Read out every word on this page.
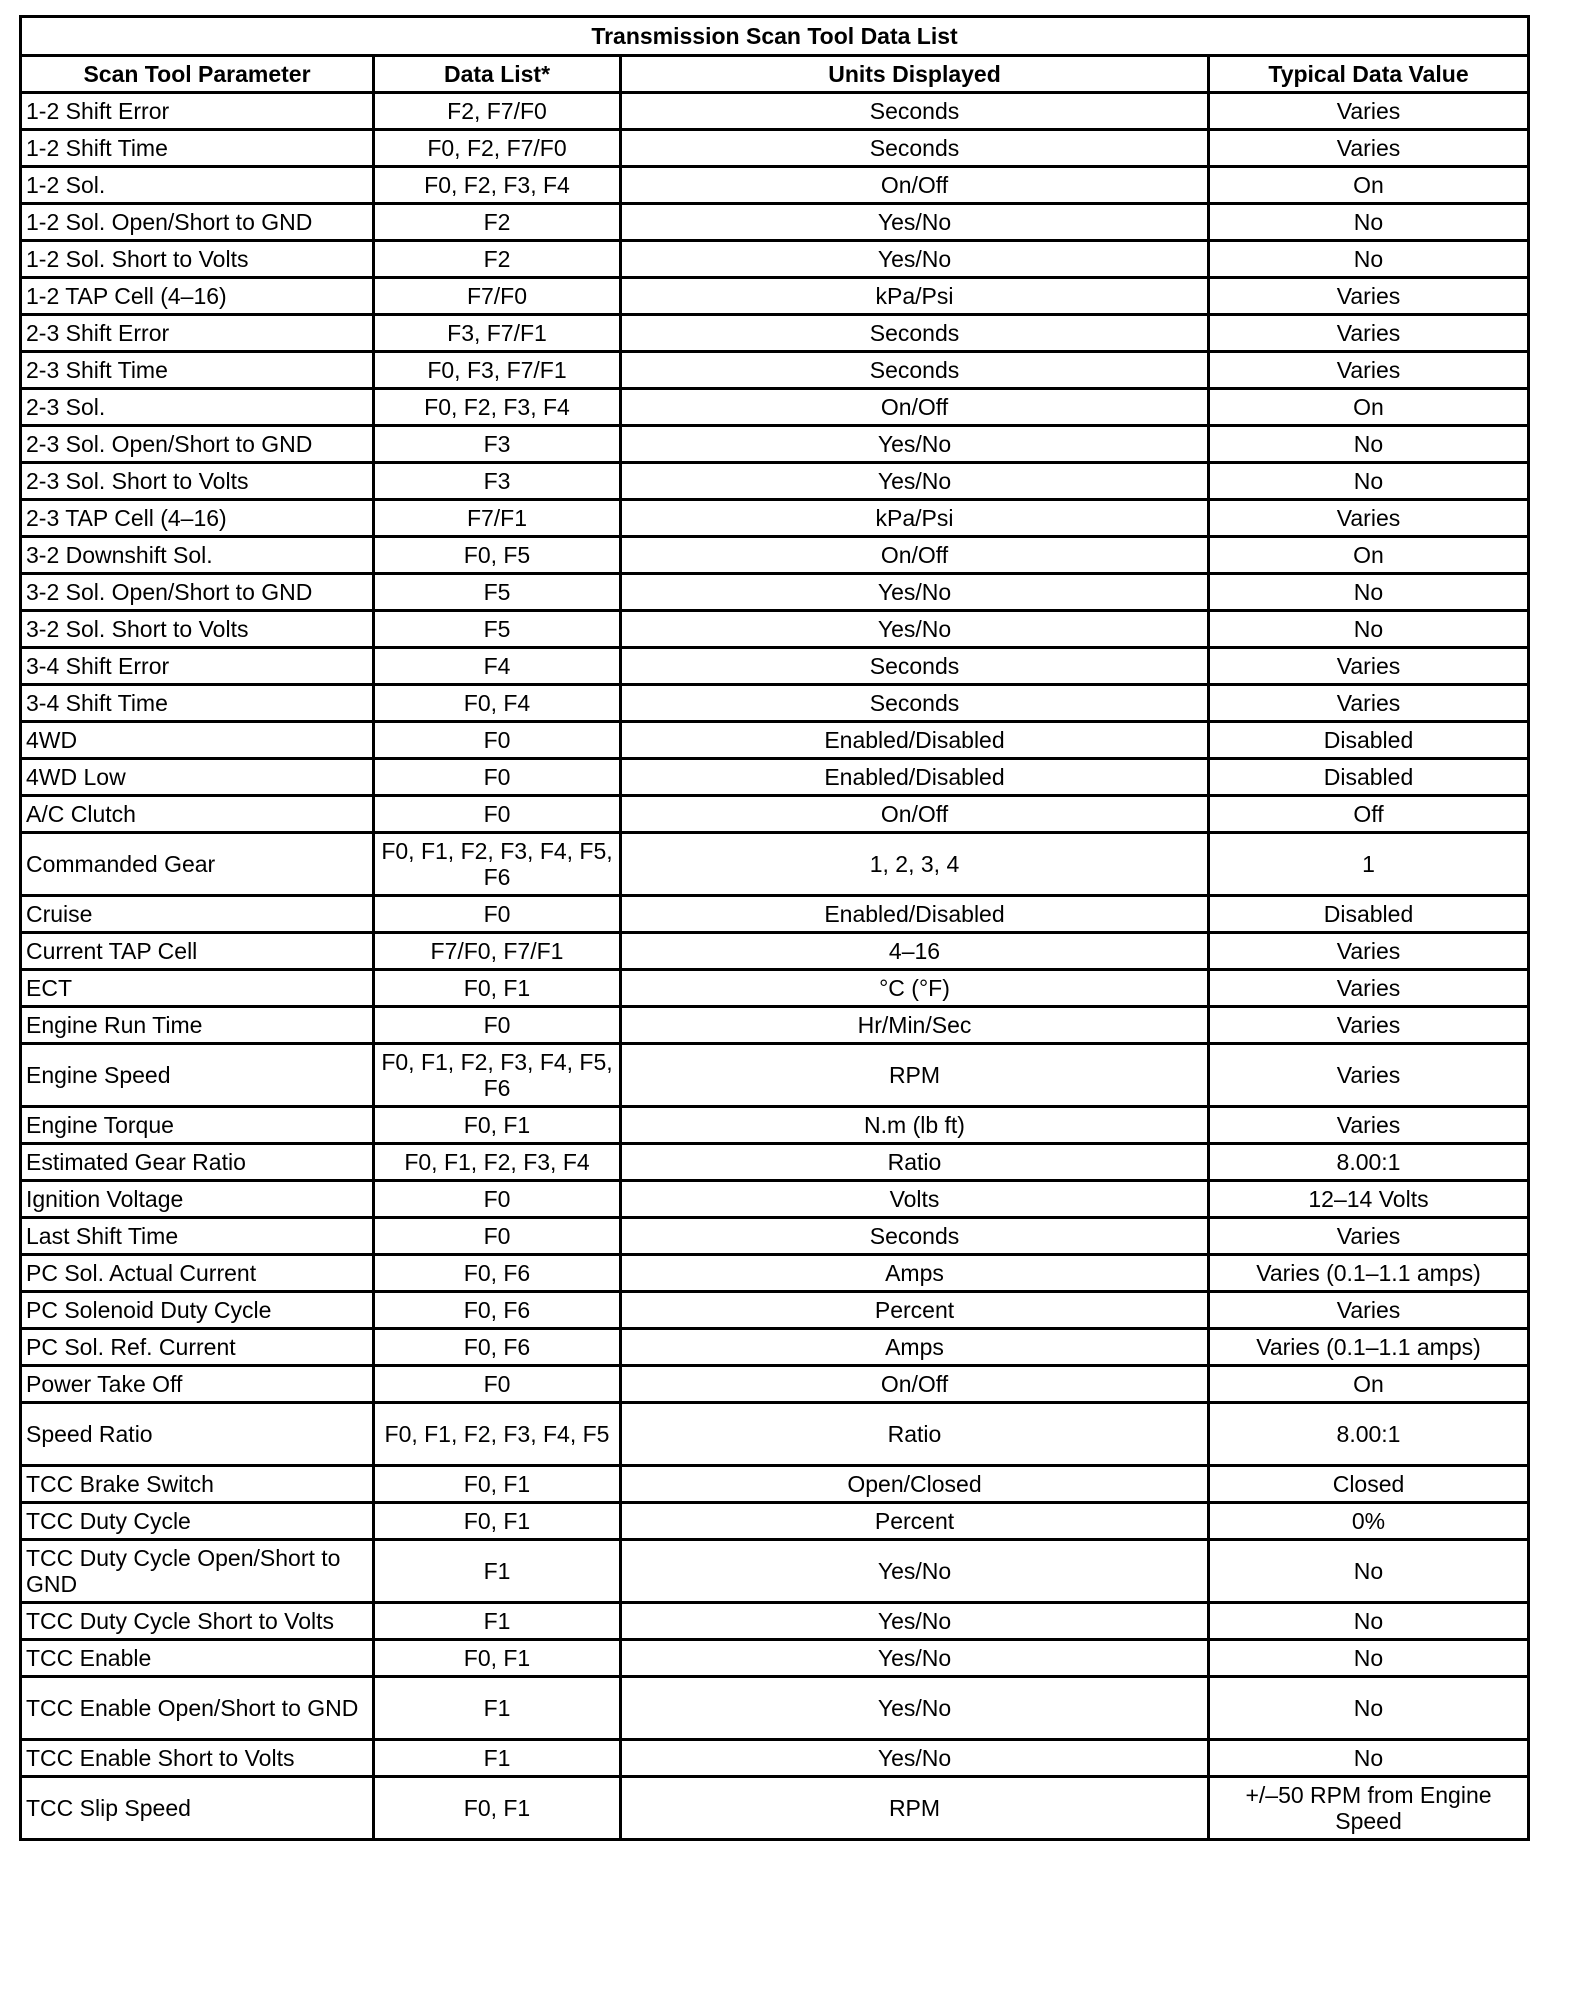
Transmission Scan Tool Data List			
Scan Tool Parameter	Data List*	Units Displayed	Typical Data Value
1-2 Shift Error	F2, F7/F0	Seconds	Varies
1-2 Shift Time	F0, F2, F7/F0	Seconds	Varies
1-2 Sol.	F0, F2, F3, F4	On/Off	On
1-2 Sol. Open/Short to GND	F2	Yes/No	No
1-2 Sol. Short to Volts	F2	Yes/No	No
1-2 TAP Cell (4–16)	F7/F0	kPa/Psi	Varies
2-3 Shift Error	F3, F7/F1	Seconds	Varies
2-3 Shift Time	F0, F3, F7/F1	Seconds	Varies
2-3 Sol.	F0, F2, F3, F4	On/Off	On
2-3 Sol. Open/Short to GND	F3	Yes/No	No
2-3 Sol. Short to Volts	F3	Yes/No	No
2-3 TAP Cell (4–16)	F7/F1	kPa/Psi	Varies
3-2 Downshift Sol.	F0, F5	On/Off	On
3-2 Sol. Open/Short to GND	F5	Yes/No	No
3-2 Sol. Short to Volts	F5	Yes/No	No
3-4 Shift Error	F4	Seconds	Varies
3-4 Shift Time	F0, F4	Seconds	Varies
4WD	F0	Enabled/Disabled	Disabled
4WD Low	F0	Enabled/Disabled	Disabled
A/C Clutch	F0	On/Off	Off
Commanded Gear	F0, F1, F2, F3, F4, F5, F6	1, 2, 3, 4	1
Cruise	F0	Enabled/Disabled	Disabled
Current TAP Cell	F7/F0, F7/F1	4–16	Varies
ECT	F0, F1	°C (°F)	Varies
Engine Run Time	F0	Hr/Min/Sec	Varies
Engine Speed	F0, F1, F2, F3, F4, F5, F6	RPM	Varies
Engine Torque	F0, F1	N.m (lb ft)	Varies
Estimated Gear Ratio	F0, F1, F2, F3, F4	Ratio	8.00:1
Ignition Voltage	F0	Volts	12–14 Volts
Last Shift Time	F0	Seconds	Varies
PC Sol. Actual Current	F0, F6	Amps	Varies (0.1–1.1 amps)
PC Solenoid Duty Cycle	F0, F6	Percent	Varies
PC Sol. Ref. Current	F0, F6	Amps	Varies (0.1–1.1 amps)
Power Take Off	F0	On/Off	On
Speed Ratio	F0, F1, F2, F3, F4, F5	Ratio	8.00:1
TCC Brake Switch	F0, F1	Open/Closed	Closed
TCC Duty Cycle	F0, F1	Percent	0%
TCC Duty Cycle Open/Short to GND	F1	Yes/No	No
TCC Duty Cycle Short to Volts	F1	Yes/No	No
TCC Enable	F0, F1	Yes/No	No
TCC Enable Open/Short to GND	F1	Yes/No	No
TCC Enable Short to Volts	F1	Yes/No	No
TCC Slip Speed	F0, F1	RPM	+/–50 RPM from Engine Speed
